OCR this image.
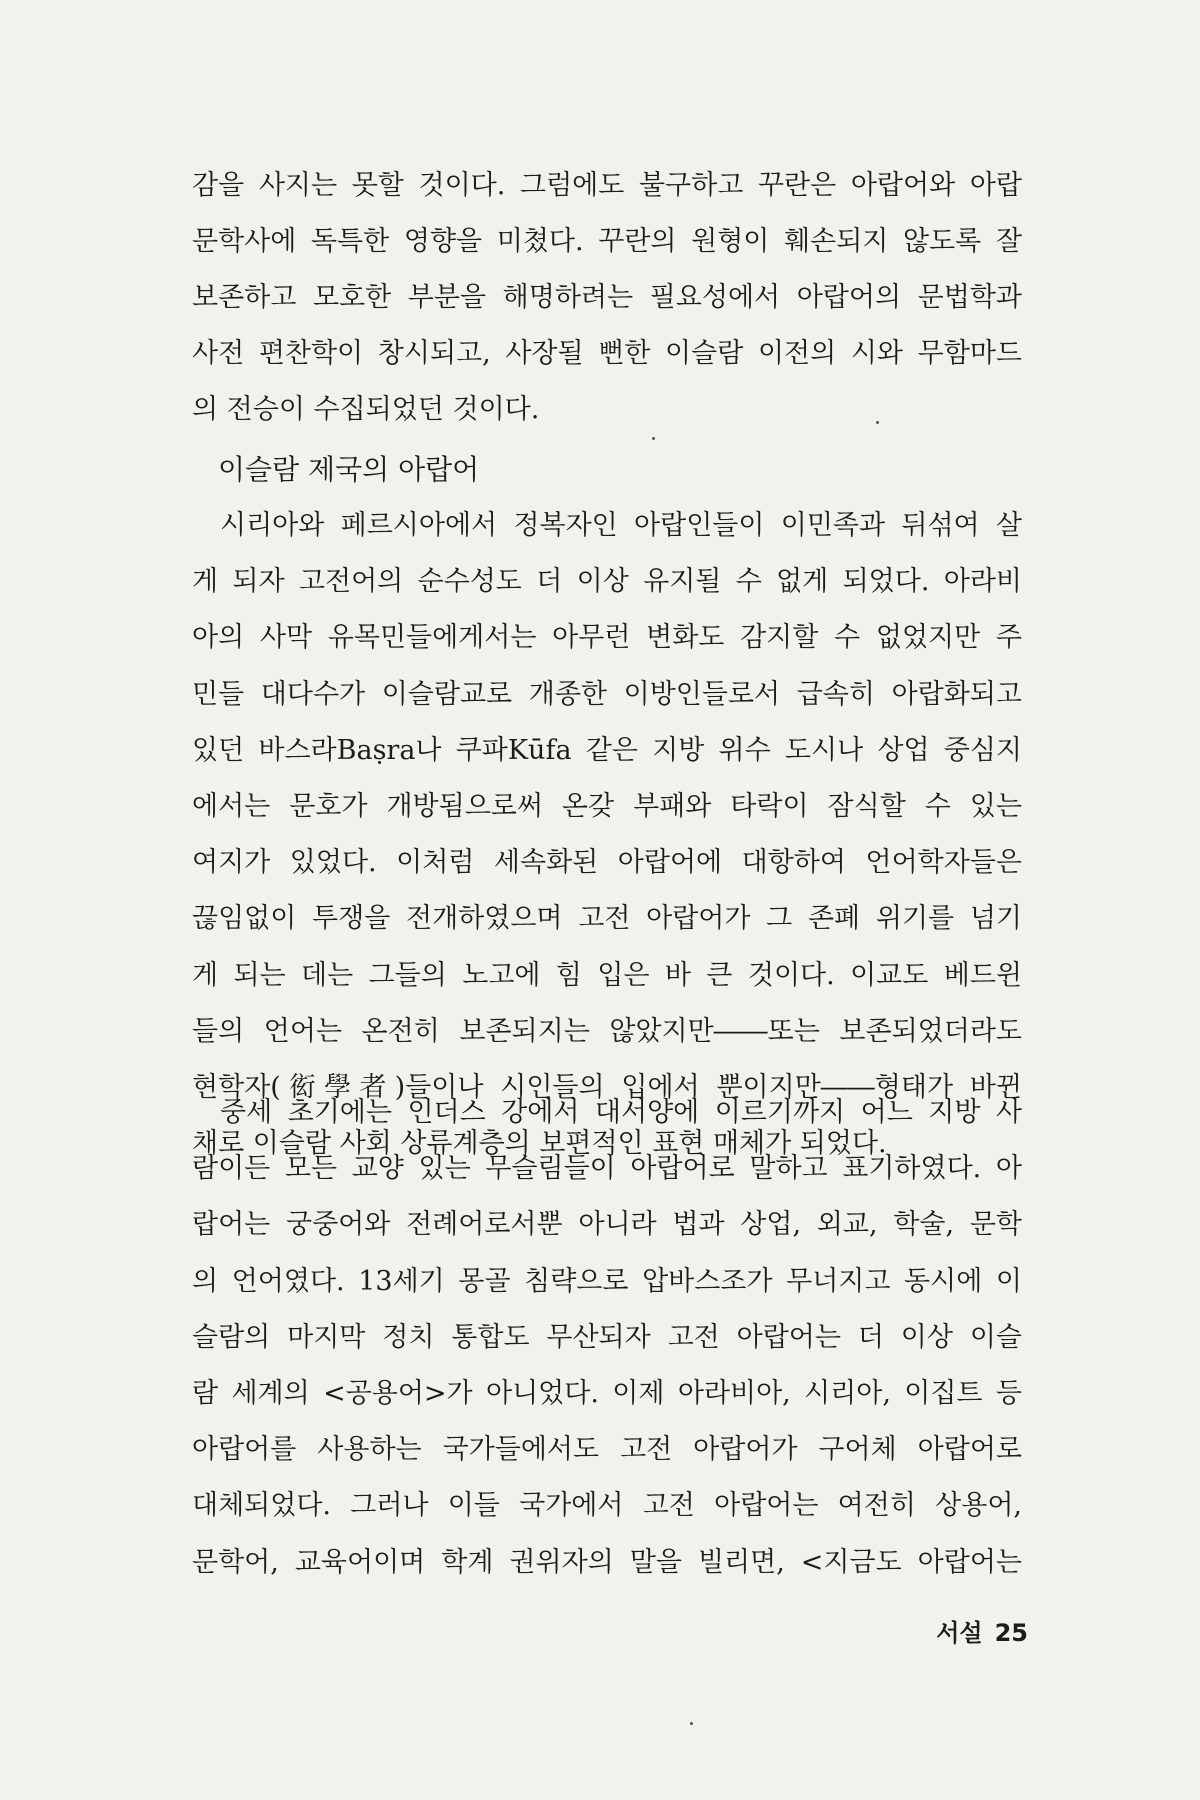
감을 사지는 못할 것이다. 그럼에도 불구하고 꾸란은 아랍어와 아랍
문학사에 독특한 영향을 미쳤다. 꾸란의 원형이 훼손되지 않도록 잘
보존하고 모호한 부분을 해명하려는 필요성에서 아랍어의 문법학과
사전 편찬학이 창시되고, 사장될 뻔한 이슬람 이전의 시와 무함마드
의 전승이 수집되었던 것이다.
이슬람 제국의 아랍어
시리아와 페르시아에서 정복자인 아랍인들이 이민족과 뒤섞여 살
게 되자 고전어의 순수성도 더 이상 유지될 수 없게 되었다. 아라비
아의 사막 유목민들에게서는 아무런 변화도 감지할 수 없었지만 주
민들 대다수가 이슬람교로 개종한 이방인들로서 급속히 아랍화되고
있던 바스라Baṣra나 쿠파Kūfa 같은 지방 위수 도시나 상업 중심지
에서는 문호가 개방됨으로써 온갖 부패와 타락이 잠식할 수 있는
여지가 있었다. 이처럼 세속화된 아랍어에 대항하여 언어학자들은
끊임없이 투쟁을 전개하였으며 고전 아랍어가 그 존폐 위기를 넘기
게 되는 데는 그들의 노고에 힘 입은 바 큰 것이다. 이교도 베드윈
들의 언어는 온전히 보존되지는 않았지만――또는 보존되었더라도
현학자(衒學者)들이나 시인들의 입에서 뿐이지만――형태가 바뀐
채로 이슬람 사회 상류계층의 보편적인 표현 매체가 되었다.
중세 초기에는 인더스 강에서 대서양에 이르기까지 어느 지방 사
람이든 모든 교양 있는 무슬림들이 아랍어로 말하고 표기하였다. 아
랍어는 궁중어와 전례어로서뿐 아니라 법과 상업, 외교, 학술, 문학
의 언어였다. 13세기 몽골 침략으로 압바스조가 무너지고 동시에 이
슬람의 마지막 정치 통합도 무산되자 고전 아랍어는 더 이상 이슬
람 세계의 <공용어>가 아니었다. 이제 아라비아, 시리아, 이집트 등
아랍어를 사용하는 국가들에서도 고전 아랍어가 구어체 아랍어로
대체되었다. 그러나 이들 국가에서 고전 아랍어는 여전히 상용어,
문학어, 교육어이며 학계 권위자의 말을 빌리면, <지금도 아랍어는
서설 25
